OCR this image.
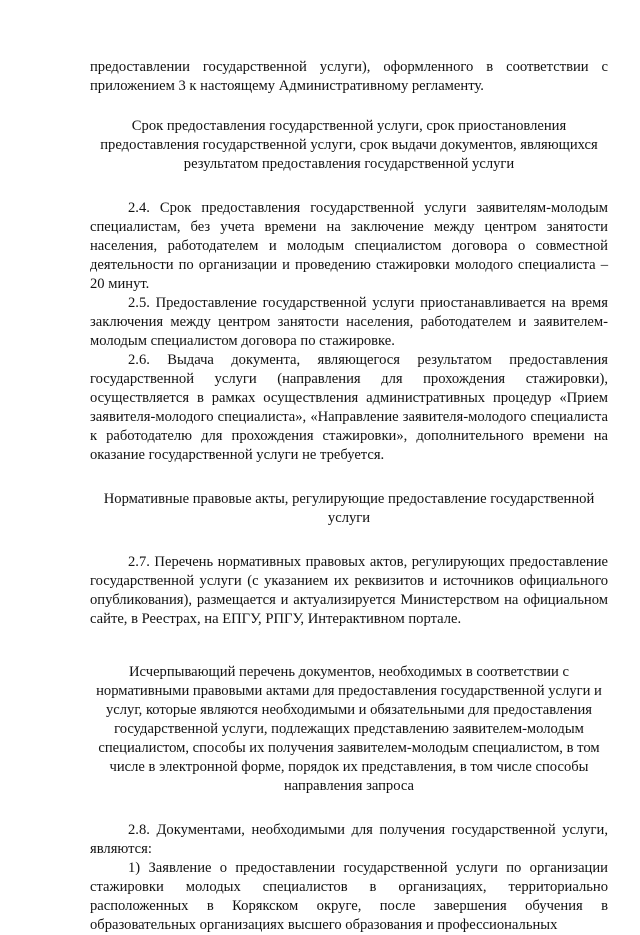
предоставлении государственной услуги), оформленного в соответствии с приложением 3 к настоящему Административному регламенту.

Срок предоставления государственной услуги, срок приостановления предоставления государственной услуги, срок выдачи документов, являющихся результатом предоставления государственной услуги

2.4. Срок предоставления государственной услуги заявителям-молодым специалистам, без учета времени на заключение между центром занятости населения, работодателем и молодым специалистом договора о совместной деятельности по организации и проведению стажировки молодого специалиста – 20 минут.

2.5. Предоставление государственной услуги приостанавливается на время заключения между центром занятости населения, работодателем и заявителем-молодым специалистом договора по стажировке.

2.6. Выдача документа, являющегося результатом предоставления государственной услуги (направления для прохождения стажировки), осуществляется в рамках осуществления административных процедур «Прием заявителя-молодого специалиста», «Направление заявителя-молодого специалиста к работодателю для прохождения стажировки», дополнительного времени на оказание государственной услуги не требуется.

Нормативные правовые акты, регулирующие предоставление государственной услуги

2.7. Перечень нормативных правовых актов, регулирующих предоставление государственной услуги (с указанием их реквизитов и источников официального опубликования), размещается и актуализируется Министерством на официальном сайте, в Реестрах, на ЕПГУ, РПГУ, Интерактивном портале.

Исчерпывающий перечень документов, необходимых в соответствии с нормативными правовыми актами для предоставления государственной услуги и услуг, которые являются необходимыми и обязательными для предоставления государственной услуги, подлежащих представлению заявителем-молодым специалистом, способы их получения заявителем-молодым специалистом, в том числе в электронной форме, порядок их представления, в том числе способы направления запроса

2.8. Документами, необходимыми для получения государственной услуги, являются:

1) Заявление о предоставлении государственной услуги по организации стажировки молодых специалистов в организациях, территориально расположенных в Корякском округе, после завершения обучения в образовательных организациях высшего образования и профессиональных
